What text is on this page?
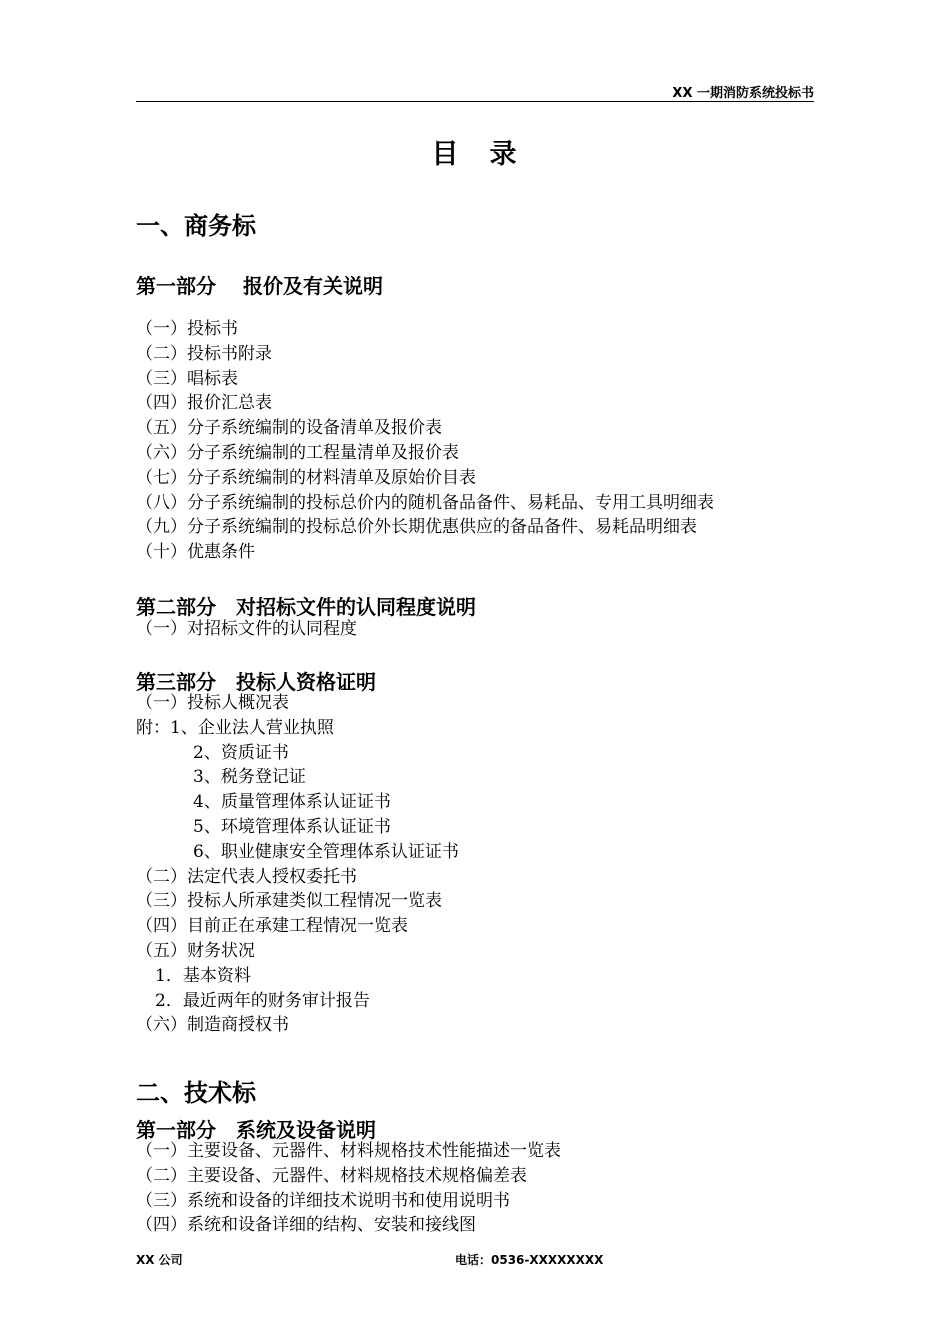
XX 一期消防系统投标书
目　录
一、商务标
第一部分　 报价及有关说明
（一）投标书
（二）投标书附录
（三）唱标表
（四）报价汇总表
（五）分子系统编制的设备清单及报价表
（六）分子系统编制的工程量清单及报价表
（七）分子系统编制的材料清单及原始价目表
（八）分子系统编制的投标总价内的随机备品备件、易耗品、专用工具明细表
（九）分子系统编制的投标总价外长期优惠供应的备品备件、易耗品明细表
（十）优惠条件
第二部分　对招标文件的认同程度说明
（一）对招标文件的认同程度
第三部分　投标人资格证明
（一）投标人概况表
附：1、企业法人营业执照
2、资质证书
3、税务登记证
4、质量管理体系认证证书
5、环境管理体系认证证书
6、职业健康安全管理体系认证证书
（二）法定代表人授权委托书
（三）投标人所承建类似工程情况一览表
（四）目前正在承建工程情况一览表
（五）财务状况
1．基本资料
2．最近两年的财务审计报告
（六）制造商授权书
二、技术标
第一部分　系统及设备说明
（一）主要设备、元器件、材料规格技术性能描述一览表
（二）主要设备、元器件、材料规格技术规格偏差表
（三）系统和设备的详细技术说明书和使用说明书
（四）系统和设备详细的结构、安装和接线图
XX 公司	电话：0536-XXXXXXXX
